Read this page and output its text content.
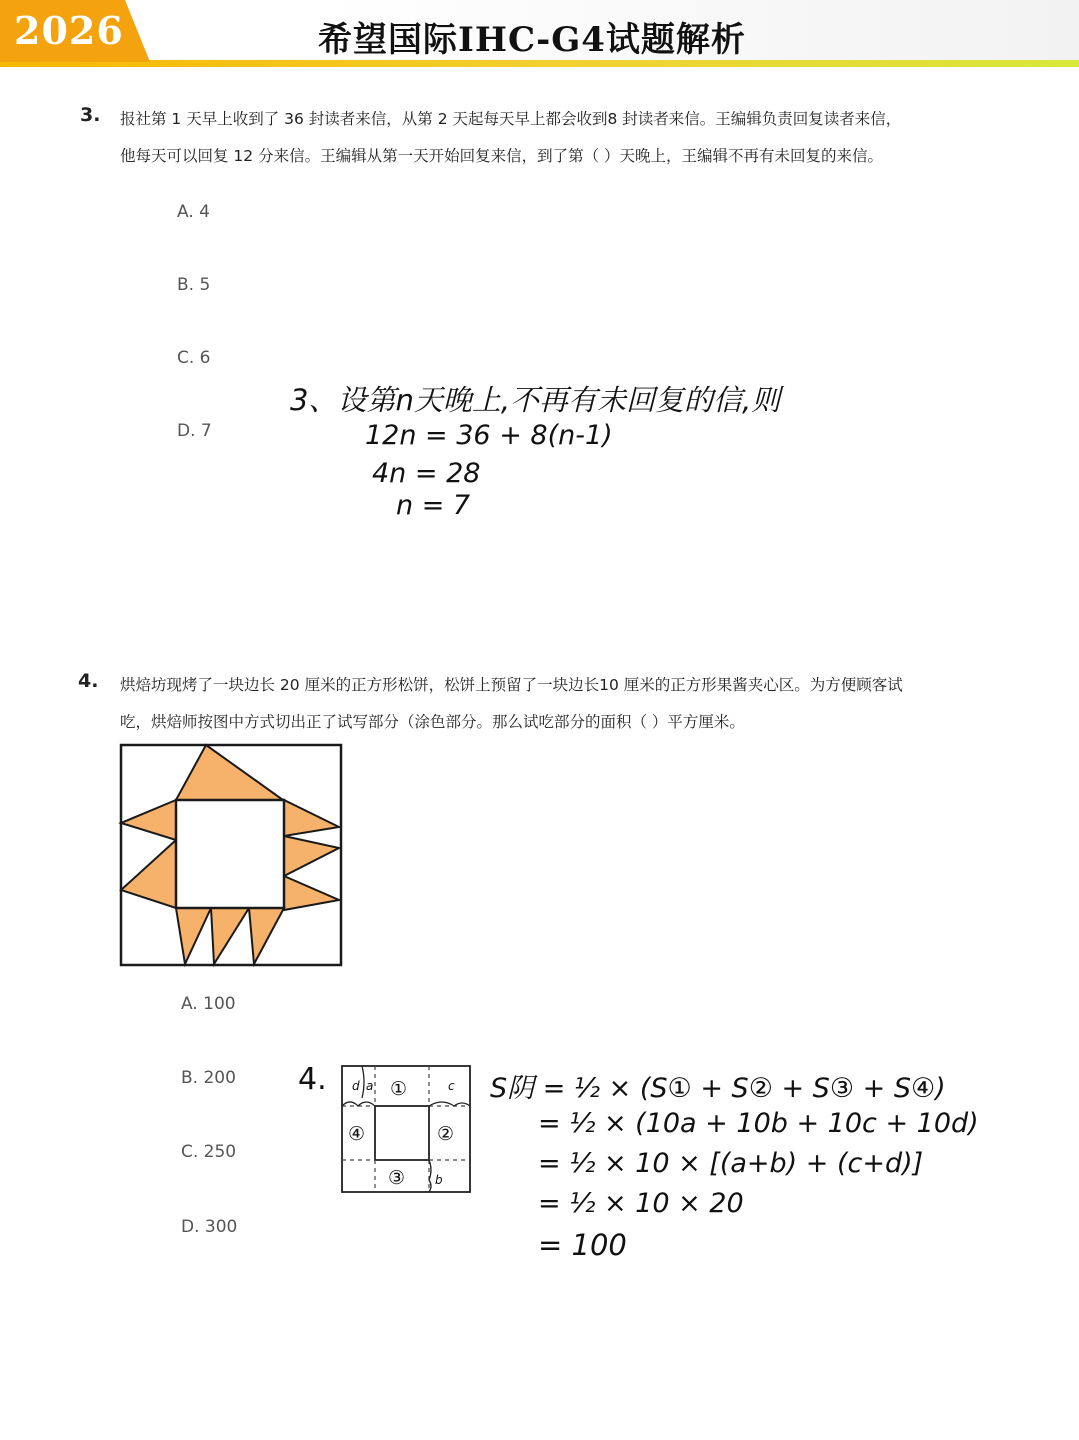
2026	希望国际IHC-G4试题解析
3. 报社第 1 天早上收到了 36 封读者来信，从第 2 天起每天早上都会收到8 封读者来信。王编辑负责回复读者来信，
他每天可以回复 12 分来信。王编辑从第一天开始回复来信，到了第（ ）天晚上，王编辑不再有未回复的来信。
A. 4
B. 5
C. 6
D. 7
3、设第n天晚上,不再有未回复的信,则
12n = 36 + 8(n-1)
4n = 28
n = 7
4. 烘焙坊现烤了一块边长 20 厘米的正方形松饼，松饼上预留了一块边长10 厘米的正方形果酱夹心区。为方便顾客试
吃，烘焙师按图中方式切出正了试写部分（涂色部分。那么试吃部分的面积（ ）平方厘米。
A. 100
B. 200
C. 250
D. 300
4.	①
②
③
④
a	c
b
d	S阴 = ½ × (S① + S② + S③ + S④)
= ½ × (10a + 10b + 10c + 10d)
= ½ × 10 × [(a+b) + (c+d)]
= ½ × 10 × 20
= 100
